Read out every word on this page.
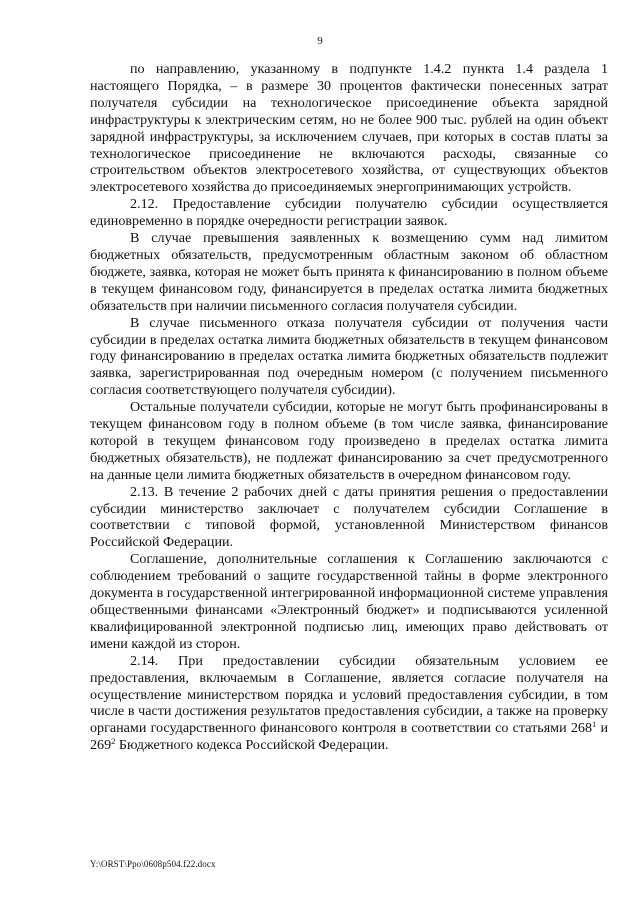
9

по направлению, указанному в подпункте 1.4.2 пункта 1.4 раздела 1 настоящего Порядка, – в размере 30 процентов фактически понесенных затрат получателя субсидии на технологическое присоединение объекта зарядной инфраструктуры к электрическим сетям, но не более 900 тыс. рублей на один объект зарядной инфраструктуры, за исключением случаев, при которых в состав платы за технологическое присоединение не включаются расходы, связанные со строительством объектов электросетевого хозяйства, от существующих объектов электросетевого хозяйства до присоединяемых энергопринимающих устройств.

2.12. Предоставление субсидии получателю субсидии осуществляется единовременно в порядке очередности регистрации заявок.

В случае превышения заявленных к возмещению сумм над лимитом бюджетных обязательств, предусмотренным областным законом об областном бюджете, заявка, которая не может быть принята к финансированию в полном объеме в текущем финансовом году, финансируется в пределах остатка лимита бюджетных обязательств при наличии письменного согласия получателя субсидии.

В случае письменного отказа получателя субсидии от получения части субсидии в пределах остатка лимита бюджетных обязательств в текущем финансовом году финансированию в пределах остатка лимита бюджетных обязательств подлежит заявка, зарегистрированная под очередным номером (с получением письменного согласия соответствующего получателя субсидии).

Остальные получатели субсидии, которые не могут быть профинансированы в текущем финансовом году в полном объеме (в том числе заявка, финансирование которой в текущем финансовом году произведено в пределах остатка лимита бюджетных обязательств), не подлежат финансированию за счет предусмотренного на данные цели лимита бюджетных обязательств в очередном финансовом году.

2.13. В течение 2 рабочих дней с даты принятия решения о предоставлении субсидии министерство заключает с получателем субсидии Соглашение в соответствии с типовой формой, установленной Министерством финансов Российской Федерации.

Соглашение, дополнительные соглашения к Соглашению заключаются с соблюдением требований о защите государственной тайны в форме электронного документа в государственной интегрированной информационной системе управления общественными финансами «Электронный бюджет» и подписываются усиленной квалифицированной электронной подписью лиц, имеющих право действовать от имени каждой из сторон.

2.14. При предоставлении субсидии обязательным условием ее предоставления, включаемым в Соглашение, является согласие получателя на осуществление министерством порядка и условий предоставления субсидии, в том числе в части достижения результатов предоставления субсидии, а также на проверку органами государственного финансового контроля в соответствии со статьями $268^1$ и $269^2$ Бюджетного кодекса Российской Федерации.

Y:\ORST\Ppo\0608p504.f22.docx
